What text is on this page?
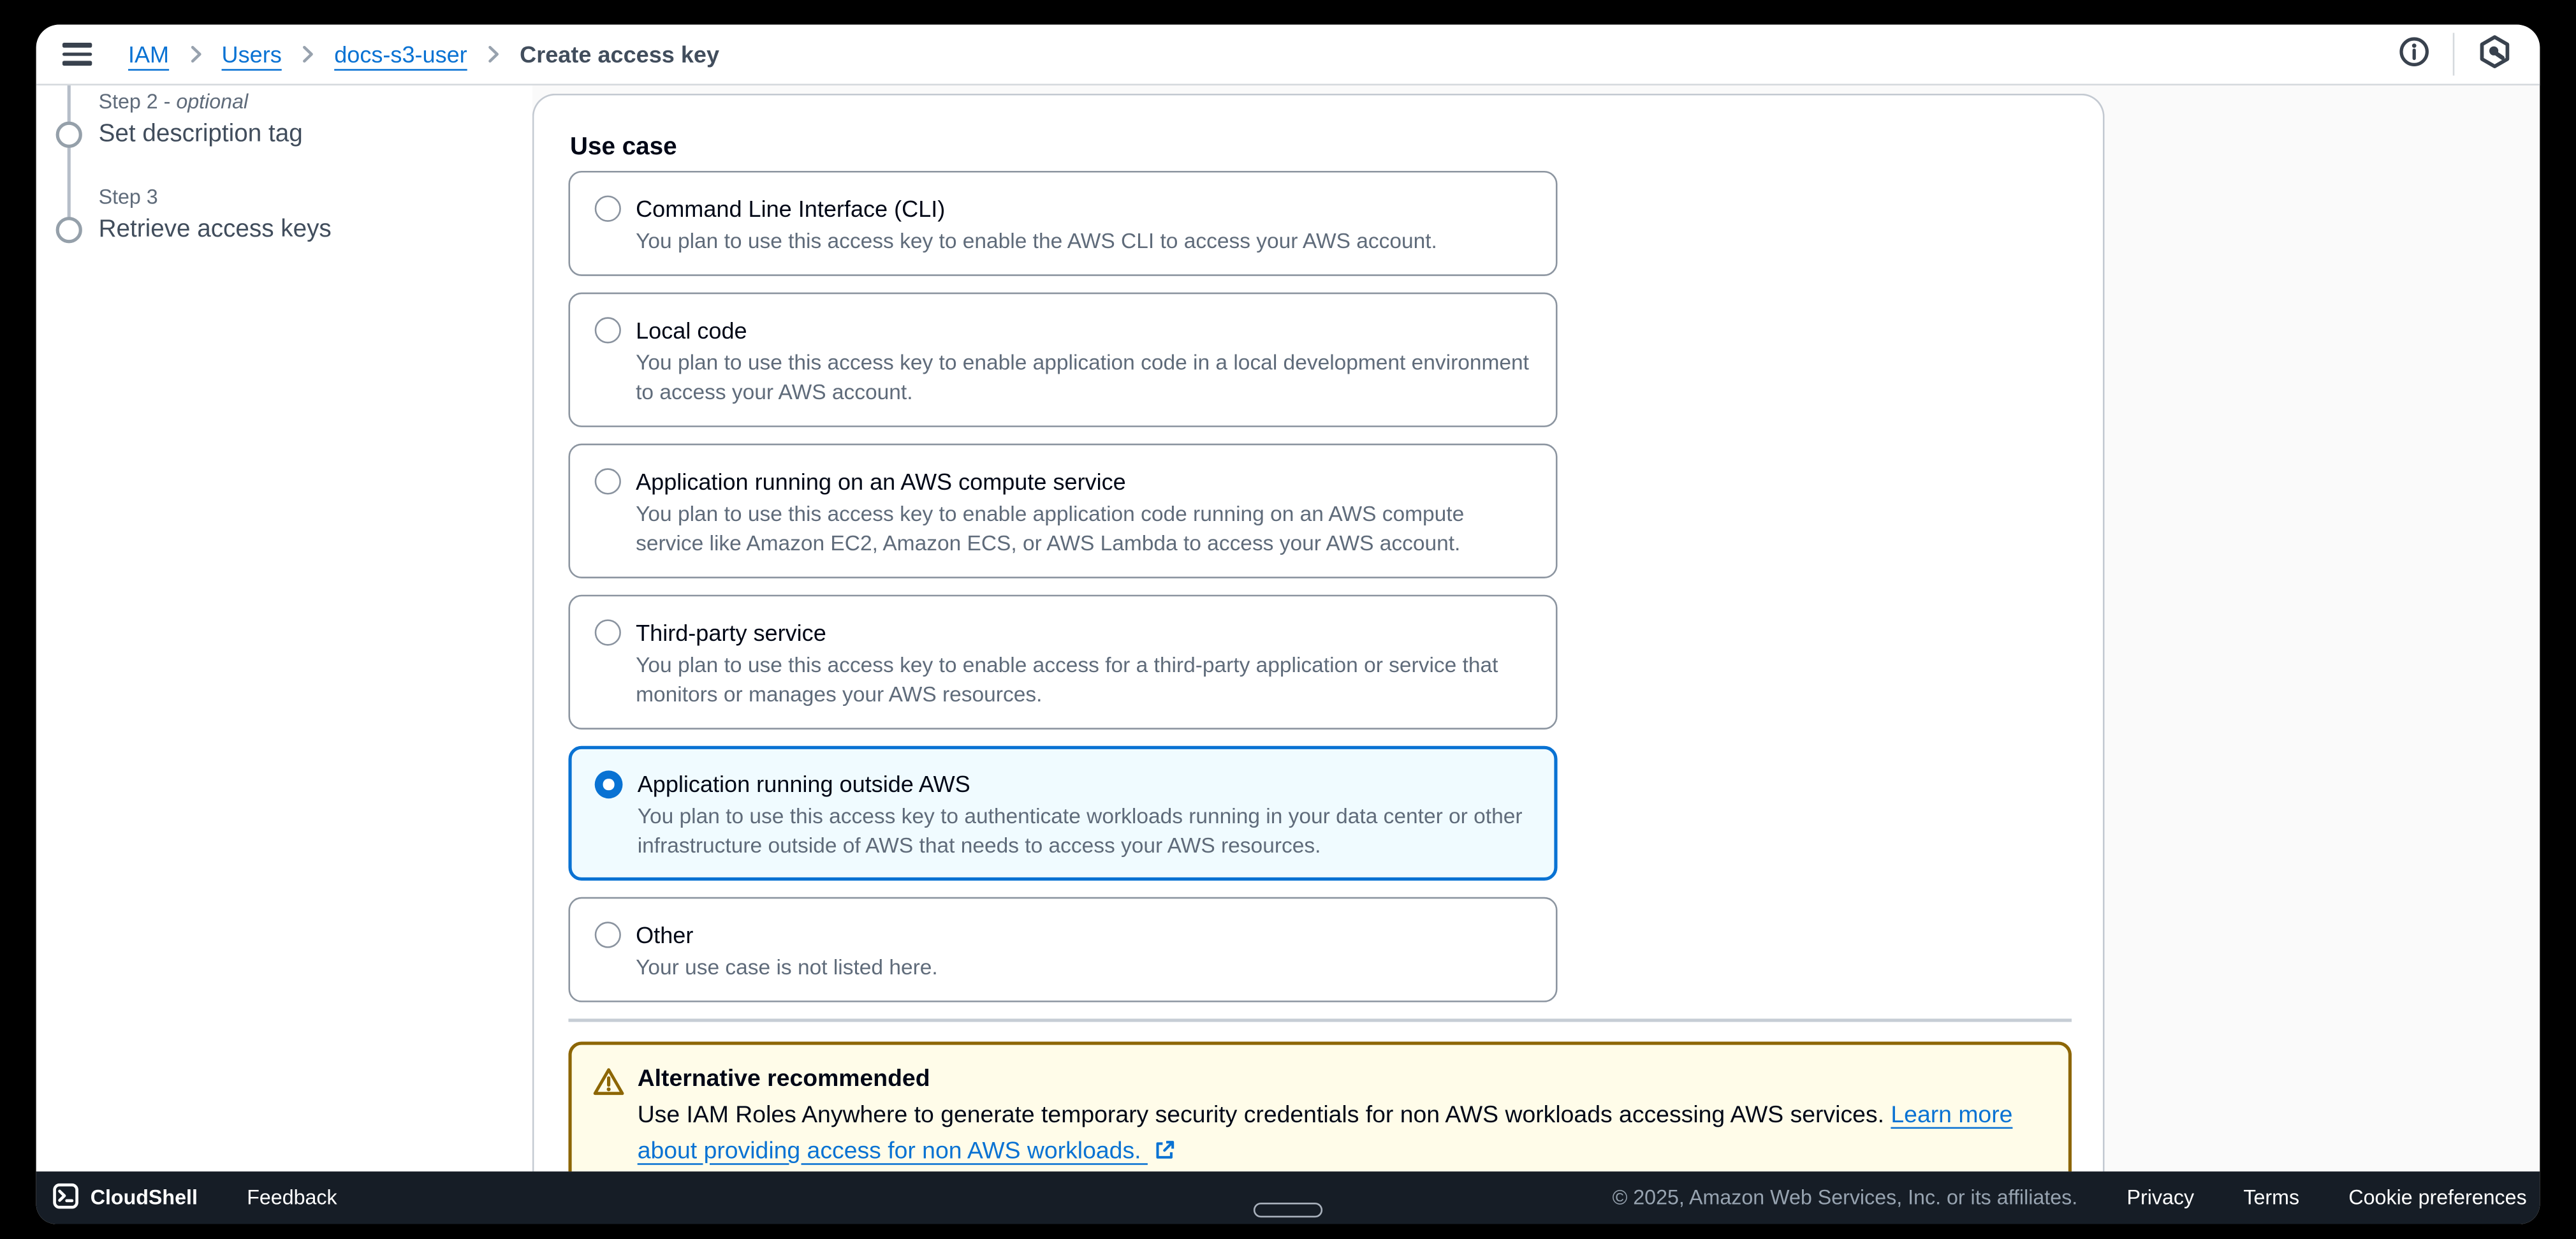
IAM	Users	docs-s3-user	Create access key
Step 2 - optional
Set description tag
Step 3
Retrieve access keys
Use case
Command Line Interface (CLI)
You plan to use this access key to enable the AWS CLI to access your AWS account.
Local code
You plan to use this access key to enable application code in a local development environment to access your AWS account.
Application running on an AWS compute service
You plan to use this access key to enable application code running on an AWS compute service like Amazon EC2, Amazon ECS, or AWS Lambda to access your AWS account.
Third-party service
You plan to use this access key to enable access for a third-party application or service that monitors or manages your AWS resources.
Application running outside AWS
You plan to use this access key to authenticate workloads running in your data center or other infrastructure outside of AWS that needs to access your AWS resources.
Other
Your use case is not listed here.
Alternative recommended
Use IAM Roles Anywhere to generate temporary security credentials for non AWS workloads accessing AWS services. Learn more about providing access for non AWS workloads.
CloudShell	Feedback	© 2025, Amazon Web Services, Inc. or its affiliates.	Privacy	Terms	Cookie preferences
